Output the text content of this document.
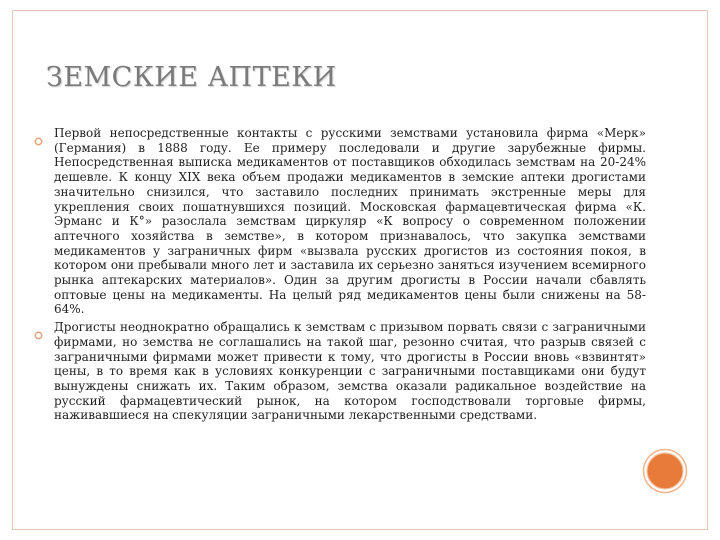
ЗЕМСКИЕ АПТЕКИ

Первой непосредственные контакты с русскими земствами установила фирма «Мерк» (Германия) в 1888 году. Ее примеру последовали и другие зарубежные фирмы. Непосредственная выписка медикаментов от поставщиков обходилась земствам на 20-24% дешевле. К концу XIX века объем продажи медикаментов в земские аптеки дрогистами значительно снизился, что заставило последних принимать экстренные меры для укрепления своих пошатнувшихся позиций. Московская фармацевтическая фирма «К. Эрманс и К°» разослала земствам циркуляр «К вопросу о современном положении аптечного хозяйства в земстве», в котором признавалось, что закупка земствами медикаментов у заграничных фирм «вызвала русских дрогистов из состояния покоя, в котором они пребывали много лет и заставила их серьезно заняться изучением всемирного рынка аптекарских материалов». Один за другим дрогисты в России начали сбавлять оптовые цены на медикаменты. На целый ряд медикаментов цены были снижены на 58-64%.

Дрогисты неоднократно обращались к земствам с призывом порвать связи с заграничными фирмами, но земства не соглашались на такой шаг, резонно считая, что разрыв связей с заграничными фирмами может привести к тому, что дрогисты в России вновь «взвинтят» цены, в то время как в условиях конкуренции с заграничными поставщиками они будут вынуждены снижать их. Таким образом, земства оказали радикальное воздействие на русский фармацевтический рынок, на котором господствовали торговые фирмы, наживавшиеся на спекуляции заграничными лекарственными средствами.
